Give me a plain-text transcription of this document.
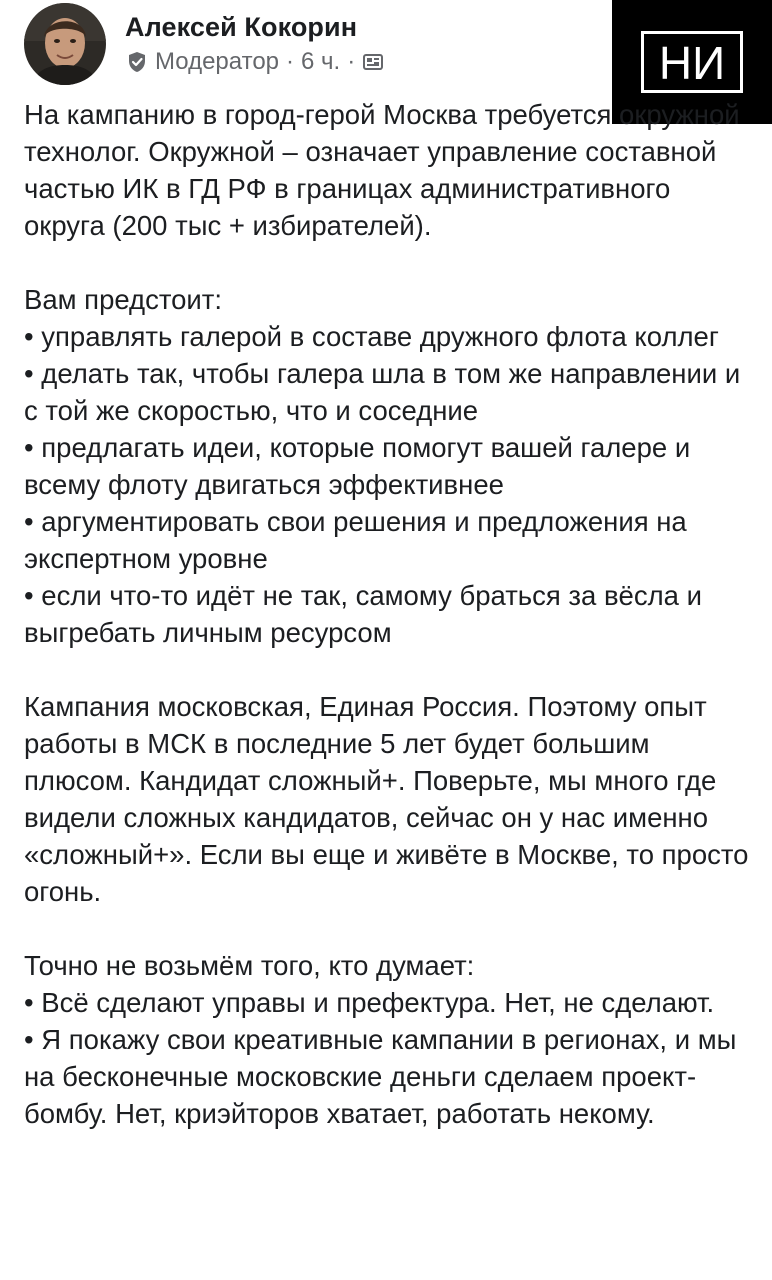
Алексей Кокорин
Модератор · 6 ч. ·	НИ

На кампанию в город-герой Москва требуется окружной технолог. Окружной – означает управление составной частью ИК в ГД РФ в границах административного округа (200 тыс + избирателей).

Вам предстоит:

• управлять галерой в составе дружного флота коллег

• делать так, чтобы галера шла в том же направлении и с той же скоростью, что и соседние

• предлагать идеи, которые помогут вашей галере и всему флоту двигаться эффективнее

• аргументировать свои решения и предложения на экспертном уровне

• если что-то идёт не так, самому браться за вёсла и выгребать личным ресурсом

Кампания московская, Единая Россия. Поэтому опыт работы в МСК в последние 5 лет будет большим плюсом. Кандидат сложный+. Поверьте, мы много где видели сложных кандидатов, сейчас он у нас именно «сложный+». Если вы еще и живёте в Москве, то просто огонь.

Точно не возьмём того, кто думает:

• Всё сделают управы и префектура. Нет, не сделают.

• Я покажу свои креативные кампании в регионах, и мы на бесконечные московские деньги сделаем проект-бомбу. Нет, криэйторов хватает, работать некому.
